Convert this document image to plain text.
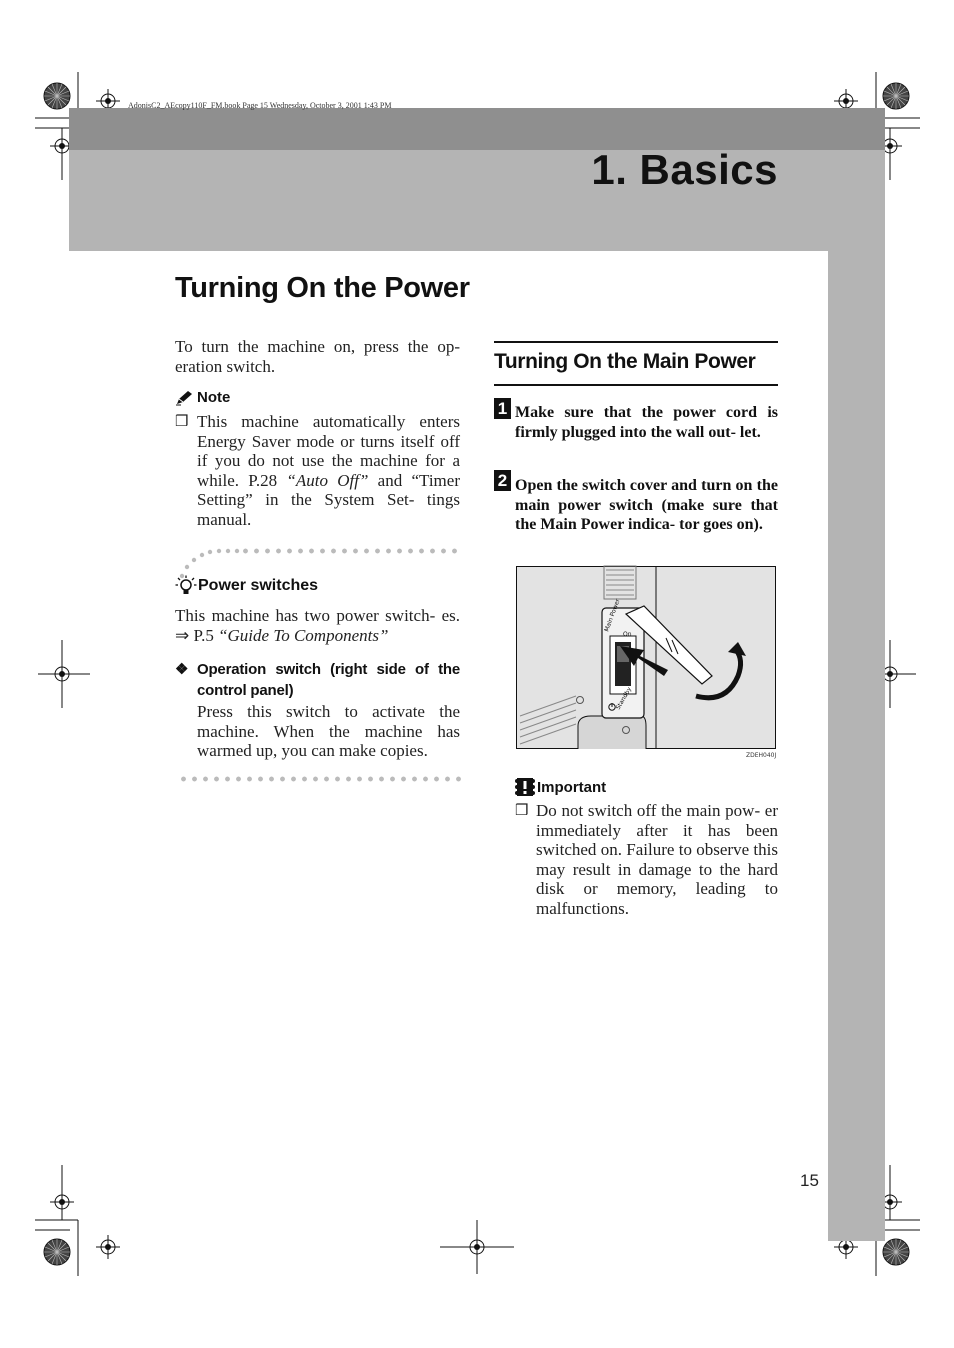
AdonisC2_AEcopy110F_FM.book Page 15 Wednesday, October 3, 2001 1:43 PM
1. Basics
Turning On the Power
To turn the machine on, press the op- eration switch.
Note
❒ This machine automatically enters Energy Saver mode or turns itself off if you do not use the machine for a while. P.28 “Auto Off” and “Timer Setting” in the System Set- tings manual.
Power switches
This machine has two power switch- es. ⇒ P.5 “Guide To Components”
❖ Operation switch (right side of the control panel)
Press this switch to activate the machine. When the machine has warmed up, you can make copies.
Turning On the Main Power
1 Make sure that the power cord is firmly plugged into the wall out- let.
2 Open the switch cover and turn on the main power switch (make sure that the Main Power indica- tor goes on).
Main Power
On
Standby
ZDEH040J
Important
❒ Do not switch off the main pow- er immediately after it has been switched on. Failure to observe this may result in damage to the hard disk or memory, leading to malfunctions.
15
